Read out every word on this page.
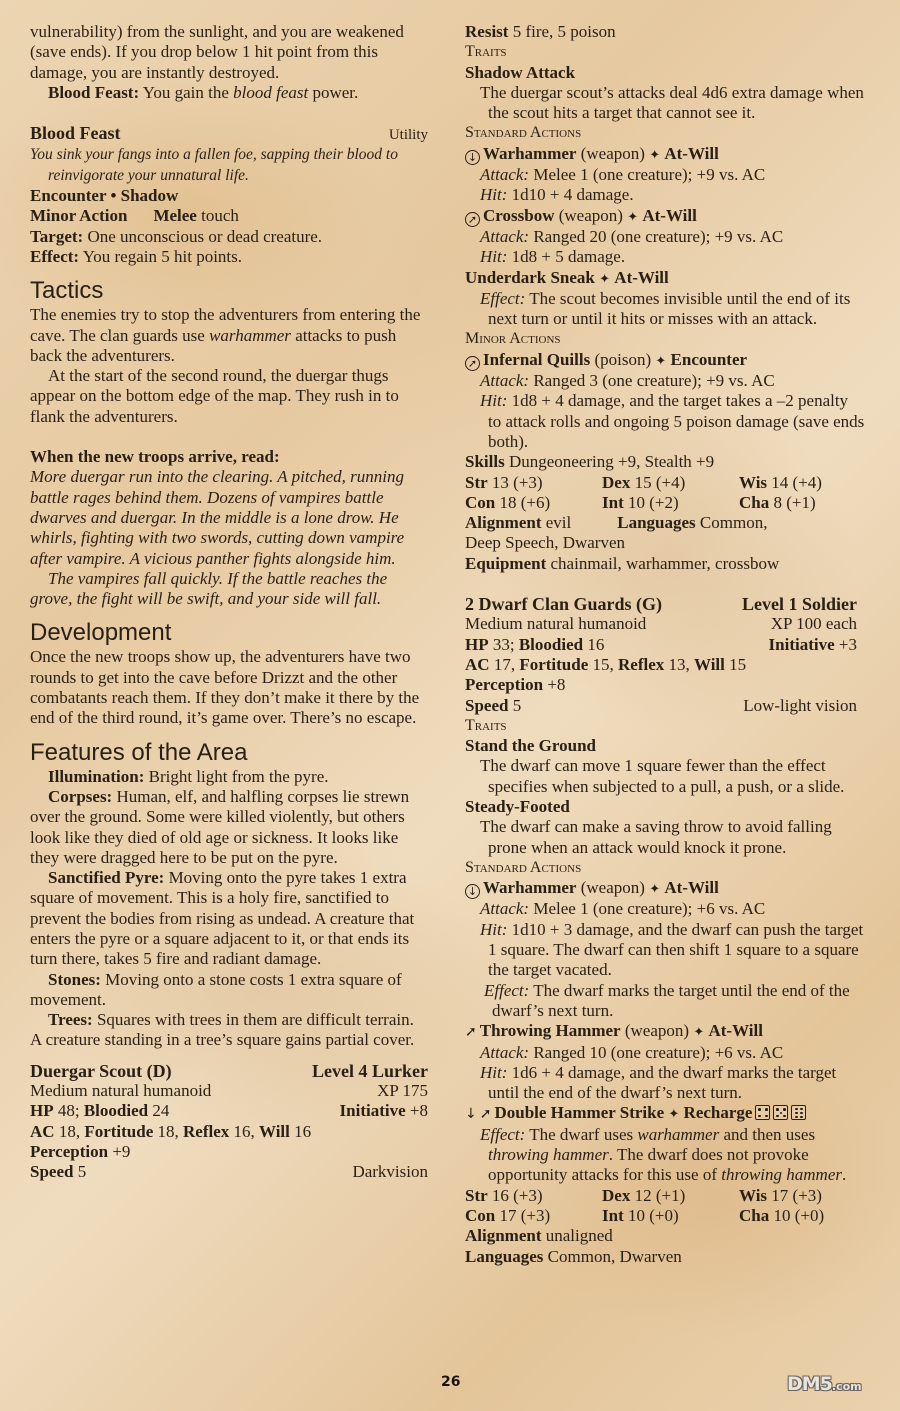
vulnerability) from the sunlight, and you are weakened (save ends). If you drop below 1 hit point from this damage, you are instantly destroyed.

Blood Feast: You gain the blood feast power.

Blood Feast	Utility
You sink your fangs into a fallen foe, sapping their blood to reinvigorate your unnatural life.
Encounter • Shadow
Minor Action Melee touch
Target: One unconscious or dead creature.
Effect: You regain 5 hit points.
Tactics

The enemies try to stop the adventurers from entering the cave. The clan guards use warhammer attacks to push back the adventurers.

At the start of the second round, the duergar thugs appear on the bottom edge of the map. They rush in to flank the adventurers.

When the new troops arrive, read:

More duergar run into the clearing. A pitched, running battle rages behind them. Dozens of vampires battle dwarves and duergar. In the middle is a lone drow. He whirls, fighting with two swords, cutting down vampire after vampire. A vicious panther fights alongside him.

The vampires fall quickly. If the battle reaches the grove, the fight will be swift, and your side will fall.

Development

Once the new troops show up, the adventurers have two rounds to get into the cave before Drizzt and the other combatants reach them. If they don’t make it there by the end of the third round, it’s game over. There’s no escape.

Features of the Area

Illumination: Bright light from the pyre.

Corpses: Human, elf, and halfling corpses lie strewn over the ground. Some were killed violently, but others look like they died of old age or sickness. It looks like they were dragged here to be put on the pyre.

Sanctified Pyre: Moving onto the pyre takes 1 extra square of movement. This is a holy fire, sanctified to prevent the bodies from rising as undead. A creature that enters the pyre or a square adjacent to it, or that ends its turn there, takes 5 fire and radiant damage.

Stones: Moving onto a stone costs 1 extra square of movement.

Trees: Squares with trees in them are difficult terrain. A creature standing in a tree’s square gains partial cover.

Duergar Scout (D)	Level 4 Lurker
Medium natural humanoid	XP 175
HP 48; Bloodied 24	Initiative +8
AC 18, Fortitude 18, Reflex 16, Will 16
Perception +9
Speed 5	Darkvision
Resist 5 fire, 5 poison
Traits
Shadow Attack
The duergar scout’s attacks deal 4d6 extra damage when the scout hits a target that cannot see it.
Standard Actions
↓ Warhammer (weapon) ✦ At-Will
Attack: Melee 1 (one creature); +9 vs. AC
Hit: 1d10 + 4 damage.
➚ Crossbow (weapon) ✦ At-Will
Attack: Ranged 20 (one creature); +9 vs. AC
Hit: 1d8 + 5 damage.
Underdark Sneak ✦ At-Will
Effect: The scout becomes invisible until the end of its next turn or until it hits or misses with an attack.
Minor Actions
➚ Infernal Quills (poison) ✦ Encounter
Attack: Ranged 3 (one creature); +9 vs. AC
Hit: 1d8 + 4 damage, and the target takes a –2 penalty to attack rolls and ongoing 5 poison damage (save ends both).
Skills Dungeoneering +9, Stealth +9
Str 13 (+3)	Dex 15 (+4)	Wis 14 (+4)
Con 18 (+6)	Int 10 (+2)	Cha 8 (+1)
Alignment evil	Languages Common,
Deep Speech, Dwarven
Equipment chainmail, warhammer, crossbow
2 Dwarf Clan Guards (G)	Level 1 Soldier
Medium natural humanoid	XP 100 each
HP 33; Bloodied 16	Initiative +3
AC 17, Fortitude 15, Reflex 13, Will 15
Perception +8
Speed 5	Low-light vision
Traits
Stand the Ground
The dwarf can move 1 square fewer than the effect specifies when subjected to a pull, a push, or a slide.
Steady-Footed
The dwarf can make a saving throw to avoid falling prone when an attack would knock it prone.
Standard Actions
↓ Warhammer (weapon) ✦ At-Will
Attack: Melee 1 (one creature); +6 vs. AC
Hit: 1d10 + 3 damage, and the dwarf can push the target 1 square. The dwarf can then shift 1 square to a square the target vacated.
Effect: The dwarf marks the target until the end of the dwarf’s next turn.
➚ Throwing Hammer (weapon) ✦ At-Will
Attack: Ranged 10 (one creature); +6 vs. AC
Hit: 1d6 + 4 damage, and the dwarf marks the target until the end of the dwarf’s next turn.
↓ ➚ Double Hammer Strike ✦ Recharge
Effect: The dwarf uses warhammer and then uses throwing hammer. The dwarf does not provoke opportunity attacks for this use of throwing hammer.
Str 16 (+3)	Dex 12 (+1)	Wis 17 (+3)
Con 17 (+3)	Int 10 (+0)	Cha 10 (+0)
Alignment unaligned
Languages Common, Dwarven
26	DM5.com
